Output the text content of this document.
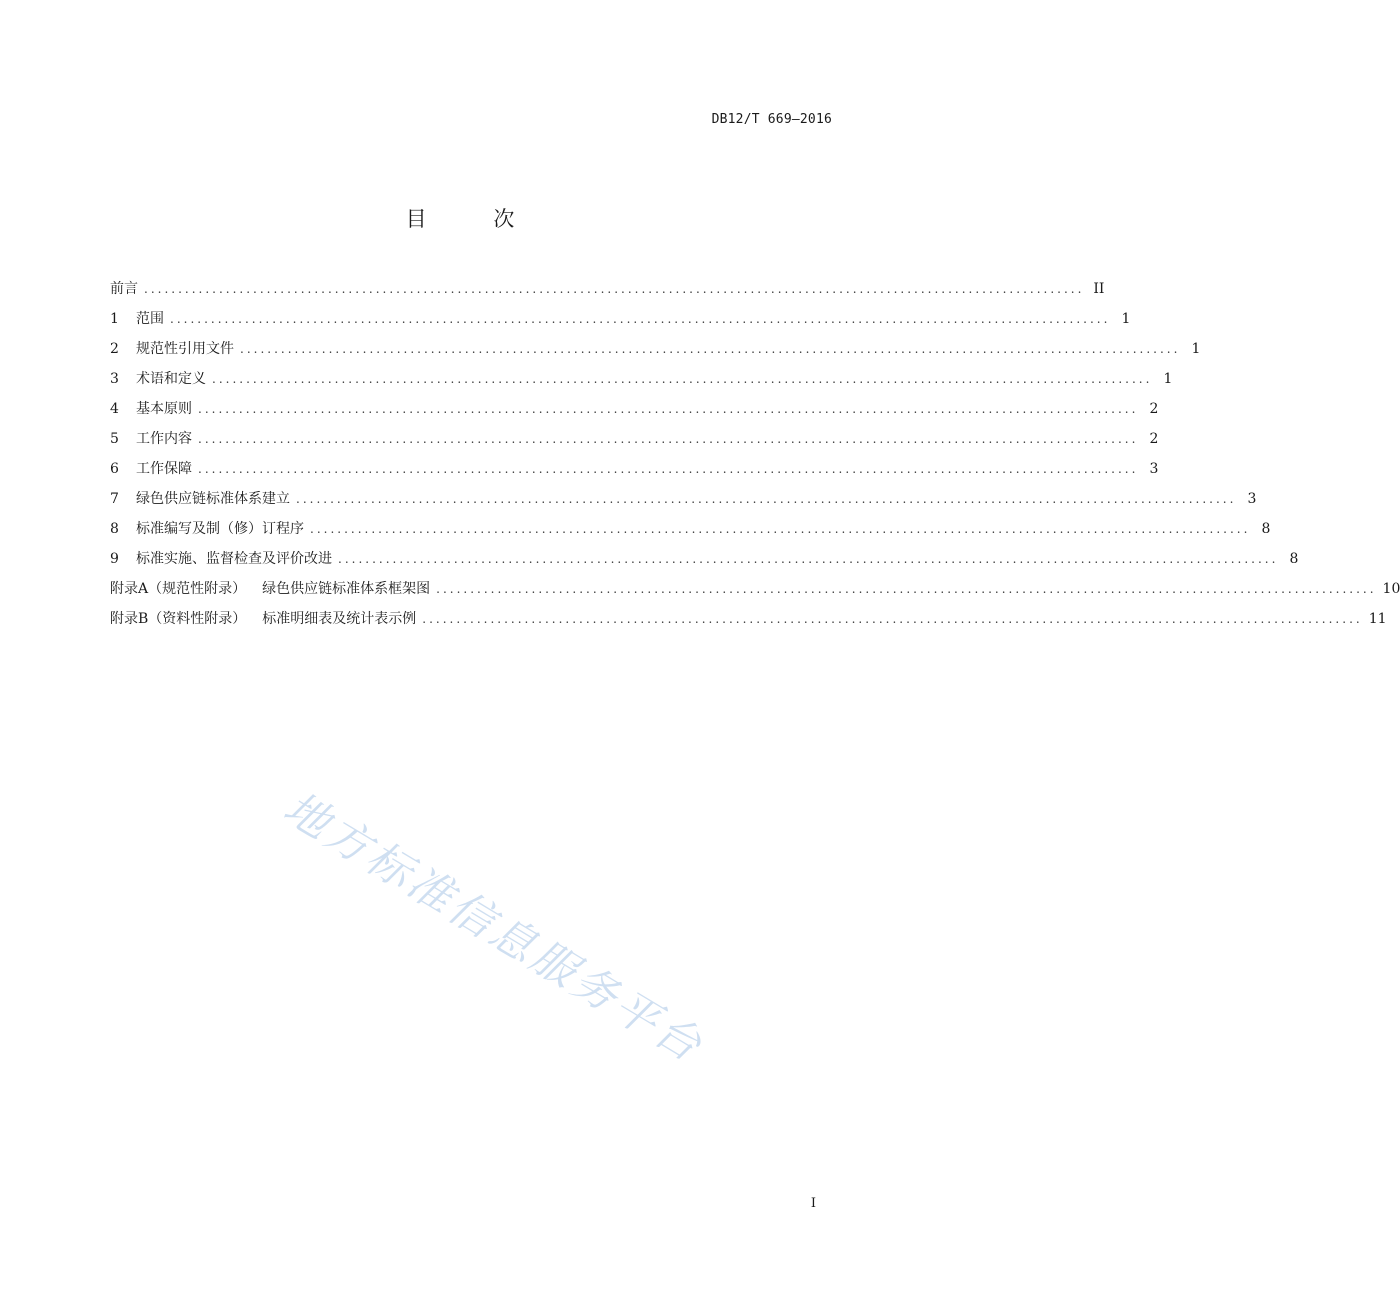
DB12/T 669—2016
目 次
前言 .......................................................................................................................................... II
1	范围 .......................................................................................................................................... 1
2	规范性引用文件 .......................................................................................................................................... 1
3	术语和定义 .......................................................................................................................................... 1
4	基本原则 .......................................................................................................................................... 2
5	工作内容 .......................................................................................................................................... 2
6	工作保障 .......................................................................................................................................... 3
7	绿色供应链标准体系建立 .......................................................................................................................................... 3
8	标准编写及制（修）订程序 .......................................................................................................................................... 8
9	标准实施、监督检查及评价改进 .......................................................................................................................................... 8
附录A（规范性附录） 绿色供应链标准体系框架图 .......................................................................................................................................... 10
附录B（资料性附录） 标准明细表及统计表示例 .......................................................................................................................................... 11
地方标准信息服务平台
I
